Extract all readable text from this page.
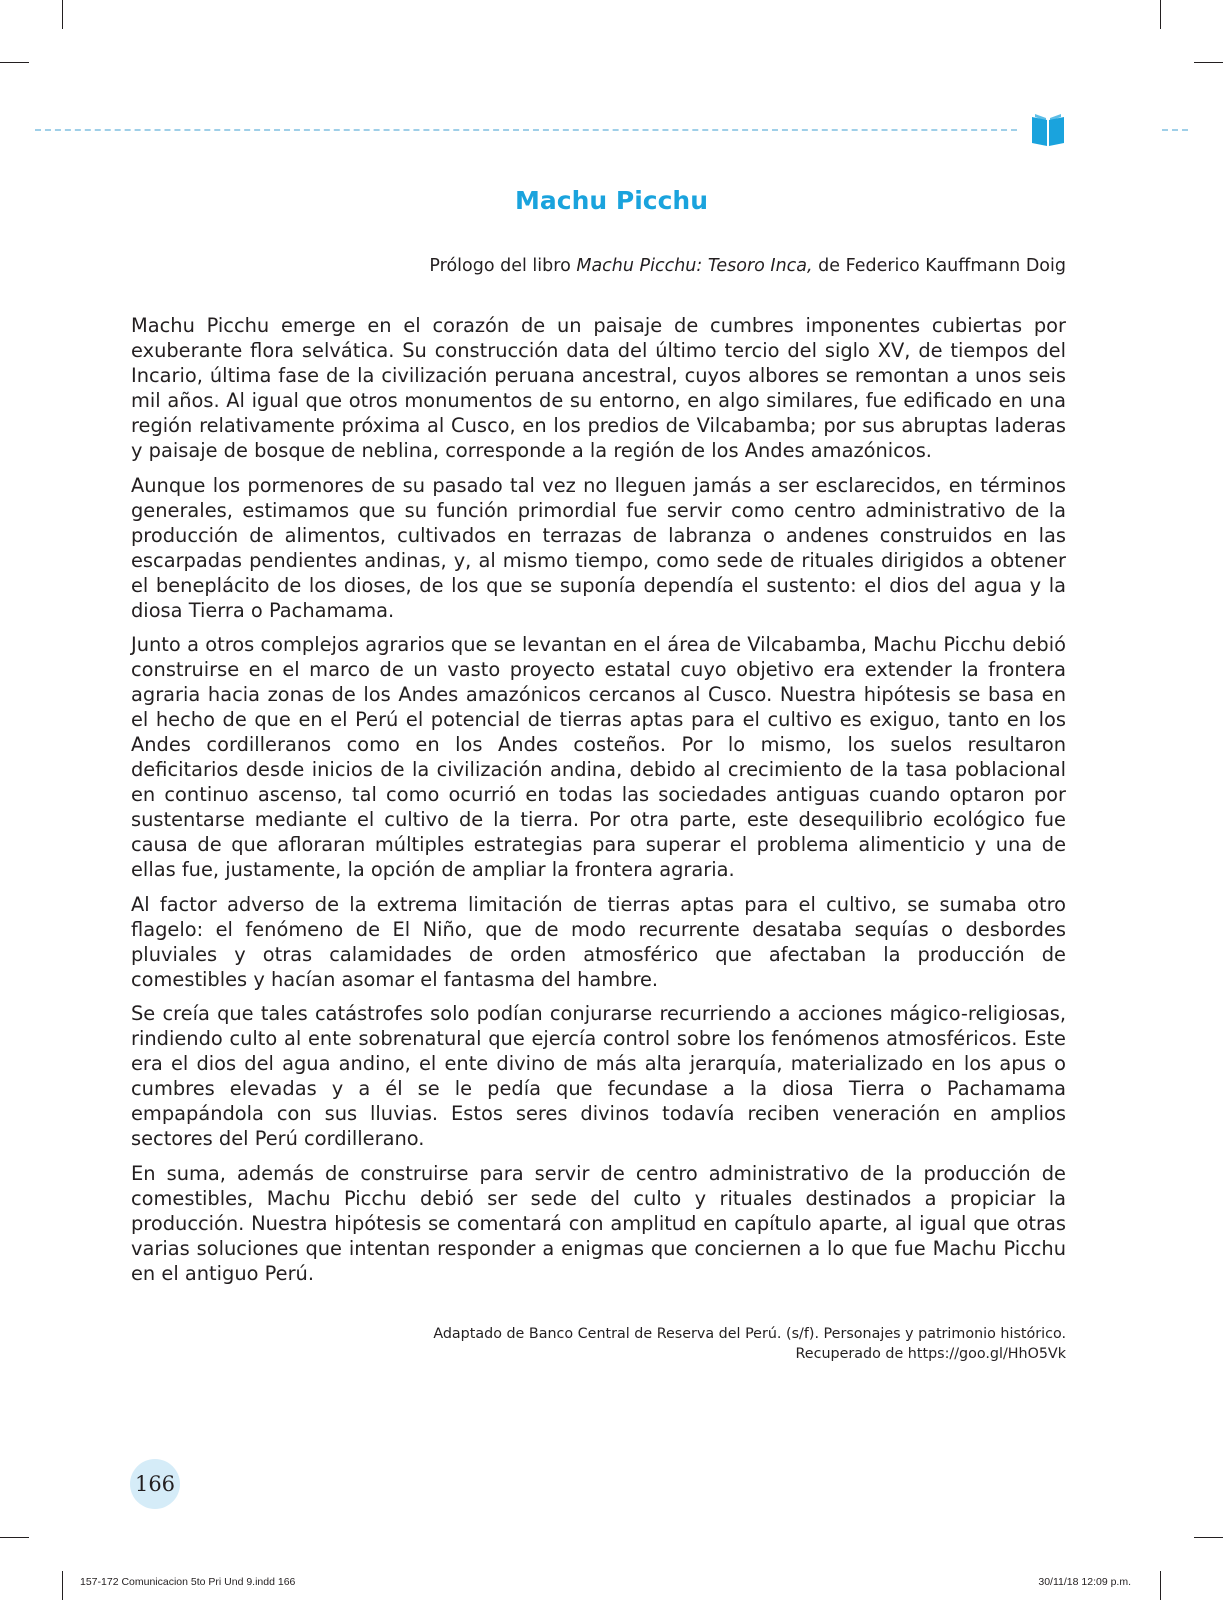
Machu Picchu

Prólogo del libro Machu Picchu: Tesoro Inca, de Federico Kauffmann Doig

Machu Picchu emerge en el corazón de un paisaje de cumbres imponentes cubiertas por exuberante flora selvática. Su construcción data del último tercio del siglo XV, de tiempos del Incario, última fase de la civilización peruana ancestral, cuyos albores se remontan a unos seis mil años. Al igual que otros monumentos de su entorno, en algo similares, fue edificado en una región relativamente próxima al Cusco, en los predios de Vilcabamba; por sus abruptas laderas y paisaje de bosque de neblina, corresponde a la región de los Andes amazónicos.

Aunque los pormenores de su pasado tal vez no lleguen jamás a ser esclarecidos, en términos generales, estimamos que su función primordial fue servir como centro administrativo de la producción de alimentos, cultivados en terrazas de labranza o andenes construidos en las escarpadas pendientes andinas, y, al mismo tiempo, como sede de rituales dirigidos a obtener el beneplácito de los dioses, de los que se suponía dependía el sustento: el dios del agua y la diosa Tierra o Pachamama.

Junto a otros complejos agrarios que se levantan en el área de Vilcabamba, Machu Picchu debió construirse en el marco de un vasto proyecto estatal cuyo objetivo era extender la frontera agraria hacia zonas de los Andes amazónicos cercanos al Cusco. Nuestra hipótesis se basa en el hecho de que en el Perú el potencial de tierras aptas para el cultivo es exiguo, tanto en los Andes cordilleranos como en los Andes costeños. Por lo mismo, los suelos resultaron deficitarios desde inicios de la civilización andina, debido al crecimiento de la tasa poblacional en continuo ascenso, tal como ocurrió en todas las sociedades antiguas cuando optaron por sustentarse mediante el cultivo de la tierra. Por otra parte, este desequilibrio ecológico fue causa de que afloraran múltiples estrategias para superar el problema alimenticio y una de ellas fue, justamente, la opción de ampliar la frontera agraria.

Al factor adverso de la extrema limitación de tierras aptas para el cultivo, se sumaba otro flagelo: el fenómeno de El Niño, que de modo recurrente desataba sequías o desbordes pluviales y otras calamidades de orden atmosférico que afectaban la producción de comestibles y hacían asomar el fantasma del hambre.

Se creía que tales catástrofes solo podían conjurarse recurriendo a acciones mágico-religiosas, rindiendo culto al ente sobrenatural que ejercía control sobre los fenómenos atmosféricos. Este era el dios del agua andino, el ente divino de más alta jerarquía, materializado en los apus o cumbres elevadas y a él se le pedía que fecundase a la diosa Tierra o Pachamama empapándola con sus lluvias. Estos seres divinos todavía reciben veneración en amplios sectores del Perú cordillerano.

En suma, además de construirse para servir de centro administrativo de la producción de comestibles, Machu Picchu debió ser sede del culto y rituales destinados a propiciar la producción. Nuestra hipótesis se comentará con amplitud en capítulo aparte, al igual que otras varias soluciones que intentan responder a enigmas que conciernen a lo que fue Machu Picchu en el antiguo Perú.

Adaptado de Banco Central de Reserva del Perú. (s/f). Personajes y patrimonio histórico.
Recuperado de https://goo.gl/HhO5Vk
166
157-172 Comunicacion 5to Pri Und 9.indd 166	30/11/18 12:09 p.m.
